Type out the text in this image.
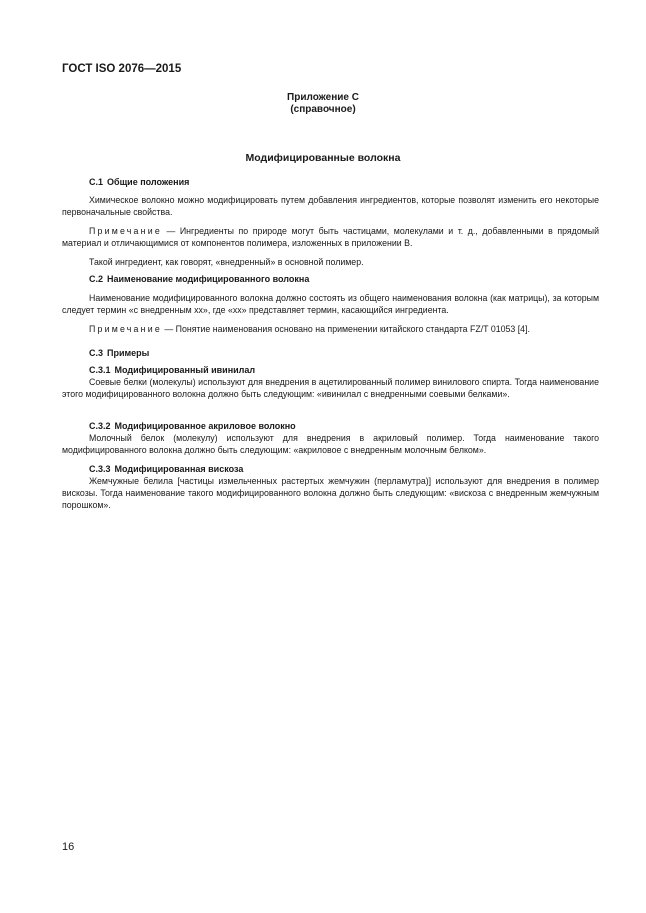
ГОСТ ISO 2076—2015
Приложение С
(справочное)
Модифицированные волокна
С.1 Общие положения
Химическое волокно можно модифицировать путем добавления ингредиентов, которые позволят изменить его некоторые первоначальные свойства.
Примечание — Ингредиенты по природе могут быть частицами, молекулами и т. д., добавленными в прядомый материал и отличающимися от компонентов полимера, изложенных в приложении В.
Такой ингредиент, как говорят, «внедренный» в основной полимер.
С.2 Наименование модифицированного волокна
Наименование модифицированного волокна должно состоять из общего наименования волокна (как матрицы), за которым следует термин «с внедренным хх», где «хх» представляет термин, касающийся ингредиента.
Примечание — Понятие наименования основано на применении китайского стандарта FZ/T 01053 [4].
С.3 Примеры
С.3.1 Модифицированный ивинилал
Соевые белки (молекулы) используют для внедрения в ацетилированный полимер винилового спирта. Тогда наименование этого модифицированного волокна должно быть следующим: «ивинилал с внедренными соевыми белками».
С.3.2 Модифицированное акриловое волокно
Молочный белок (молекулу) используют для внедрения в акриловый полимер. Тогда наименование такого модифицированного волокна должно быть следующим: «акриловое с внедренным молочным белком».
С.3.3 Модифицированная вискоза
Жемчужные белила [частицы измельченных растертых жемчужин (перламутра)] используют для внедрения в полимер вискозы. Тогда наименование такого модифицированного волокна должно быть следующим: «вискоза с внедренным жемчужным порошком».
16
